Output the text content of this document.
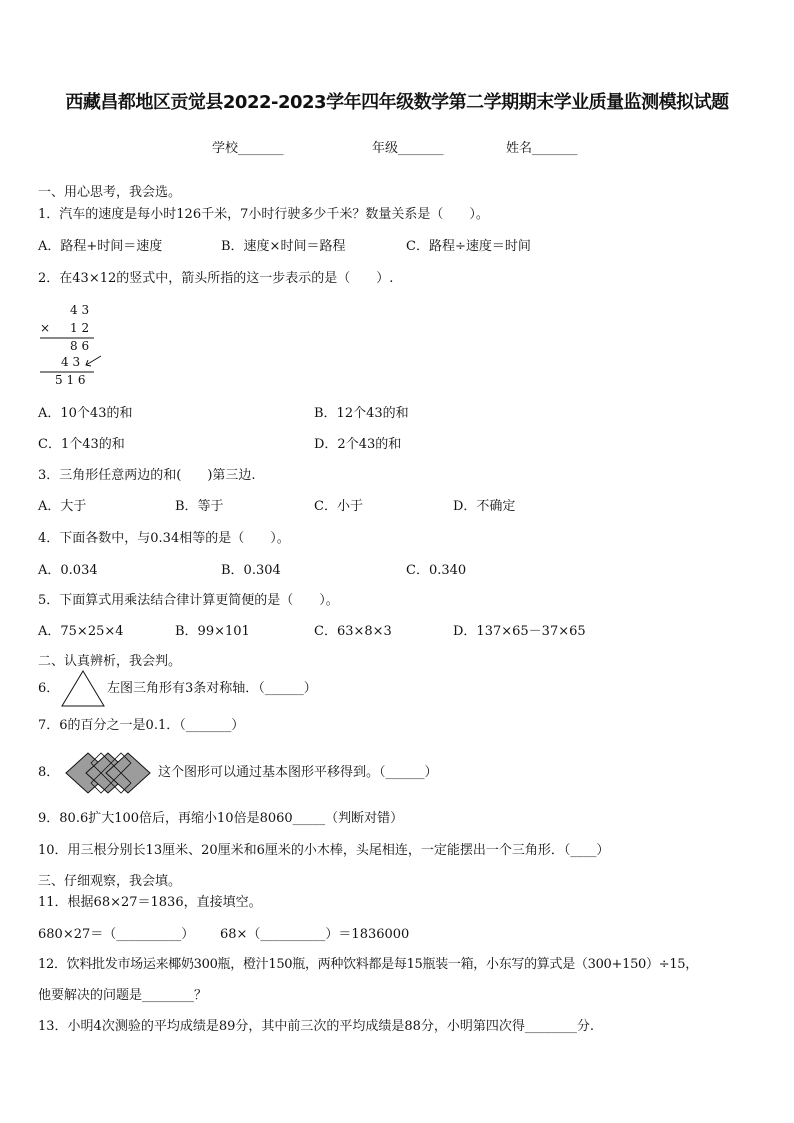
西藏昌都地区贡觉县2022-2023学年四年级数学第二学期期末学业质量监测模拟试题
学校_______	年级_______	姓名_______
一、用心思考，我会选。
1．汽车的速度是每小时126千米，7小时行驶多少千米？数量关系是（　　）。
A．路程+时间＝速度	B．速度×时间＝路程	C．路程÷速度＝时间
2．在43×12的竖式中，箭头所指的这一步表示的是（　　）.
4 3
× 1 2
8 6
4 3
5 1 6
A．10个43的和	B．12个43的和
C．1个43的和	D．2个43的和
3．三角形任意两边的和(　　)第三边.
A．大于	B．等于	C．小于	D．不确定
4．下面各数中，与0.34相等的是（　　）。
A．0.034	B．0.304	C．0.340
5．下面算式用乘法结合律计算更简便的是（　　）。
A．75×25×4	B．99×101	C．63×8×3	D．137×65－37×65
二、认真辨析，我会判。
6．	左图三角形有3条对称轴．（______）
7．6的百分之一是0.1．（_______）
8．	这个图形可以通过基本图形平移得到。（______）
9．80.6扩大100倍后，再缩小10倍是8060_____（判断对错）
10．用三根分别长13厘米、20厘米和6厘米的小木棒，头尾相连，一定能摆出一个三角形．（____）
三、仔细观察，我会填。
11．根据68×27＝1836，直接填空。
680×27＝（__________） 68×（__________）＝1836000
12．饮料批发市场运来椰奶300瓶，橙汁150瓶，两种饮料都是每15瓶装一箱，小东写的算式是（300+150）÷15，
他要解决的问题是________？
13．小明4次测验的平均成绩是89分，其中前三次的平均成绩是88分，小明第四次得________分.
